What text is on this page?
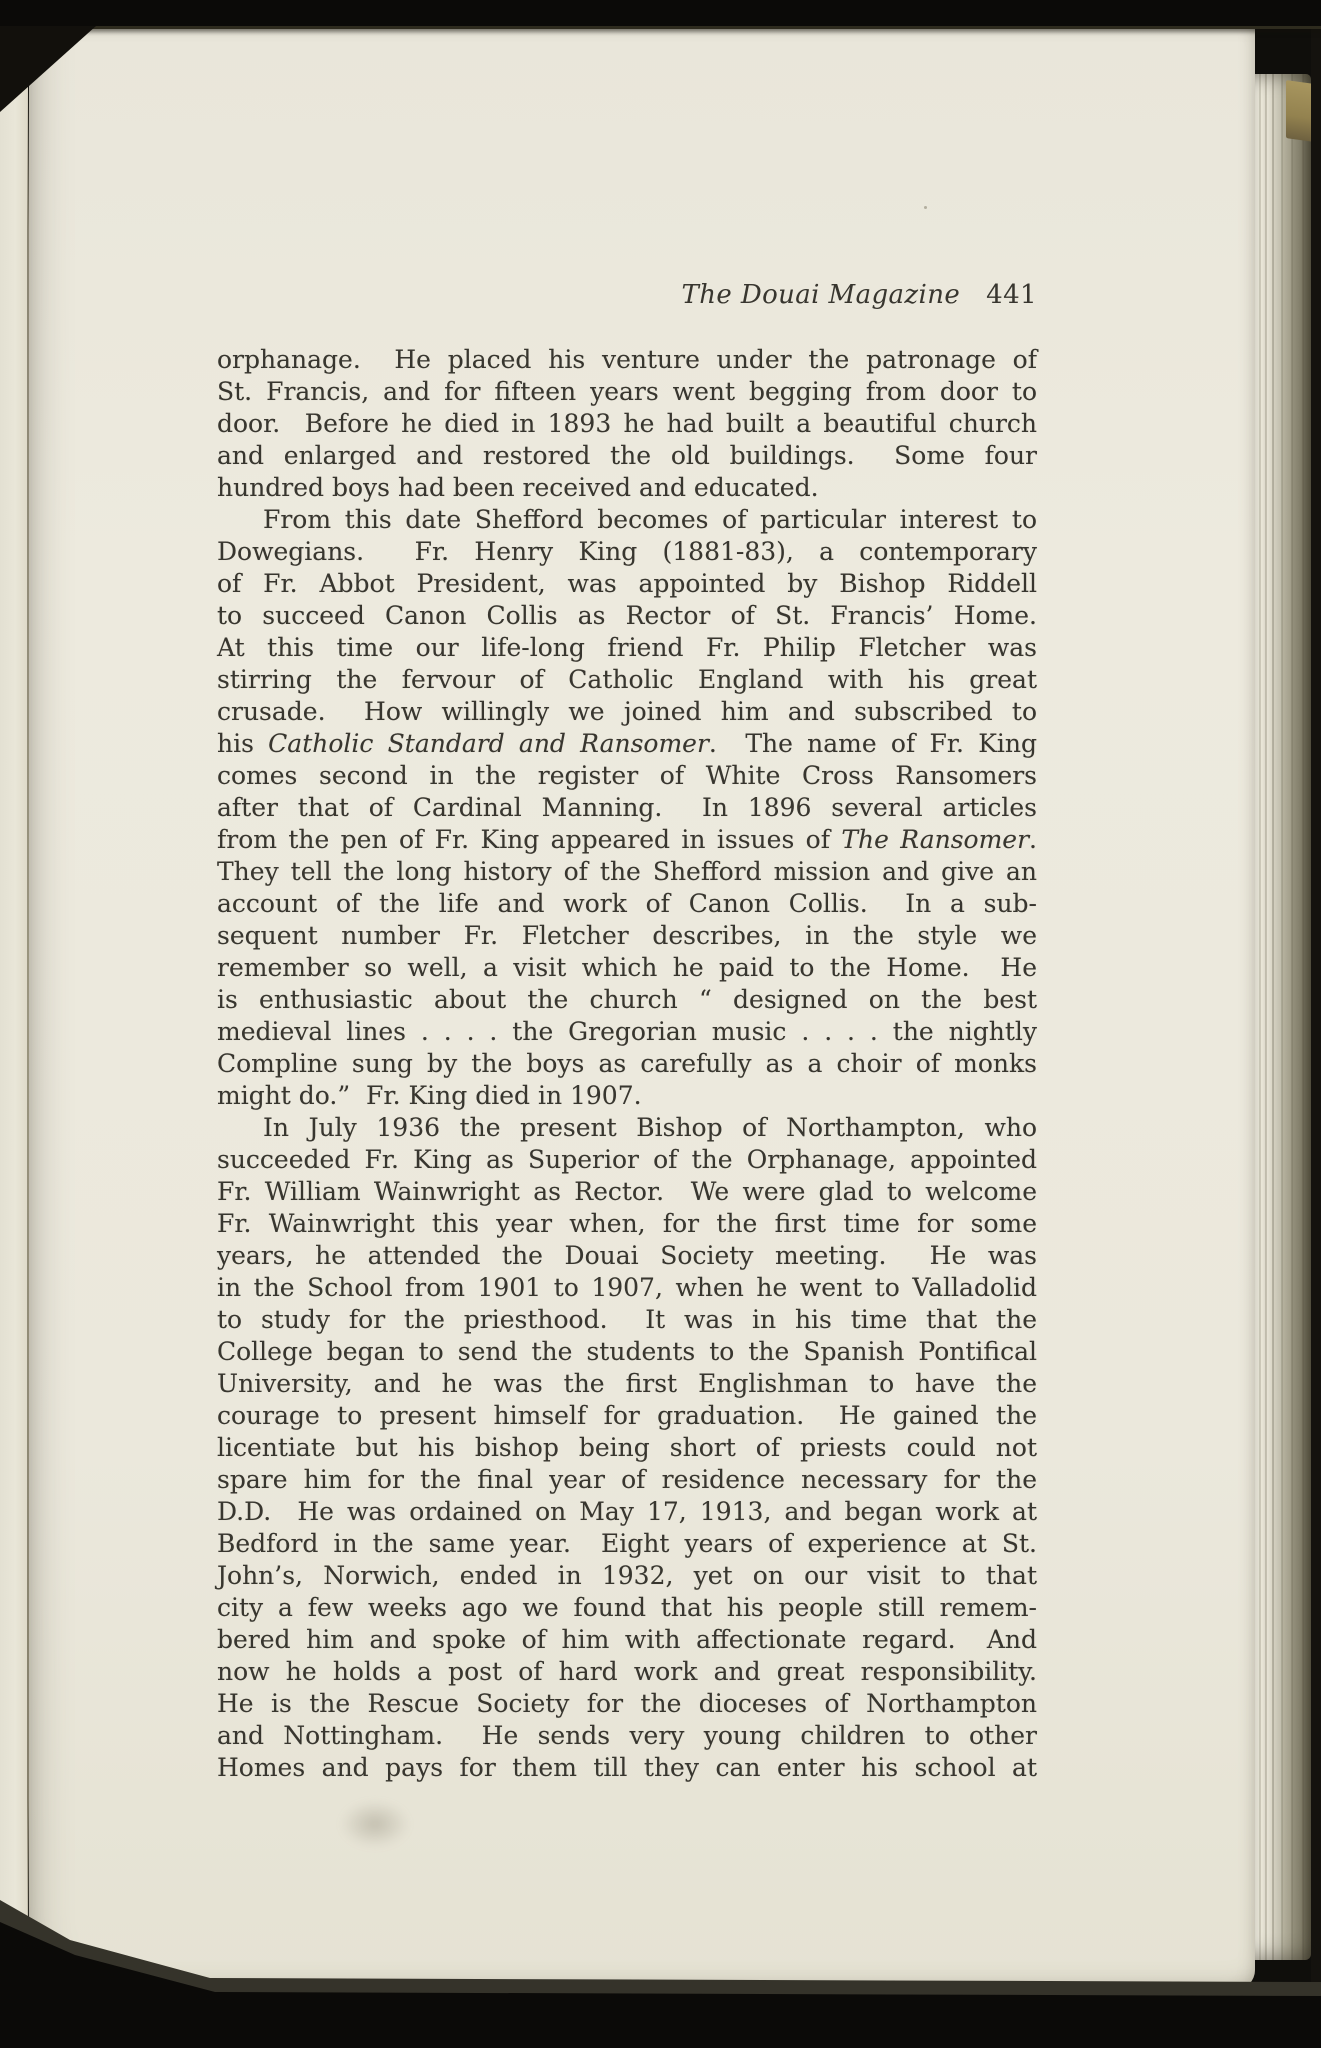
The Douai Magazine 441
orphanage.  He placed his venture under the patronage of
St. Francis, and for fifteen years went begging from door to
door.  Before he died in 1893 he had built a beautiful church
and enlarged and restored the old buildings.  Some four
hundred boys had been received and educated.
From this date Shefford becomes of particular interest to
Dowegians.  Fr. Henry King (1881-83), a contemporary
of Fr. Abbot President, was appointed by Bishop Riddell
to succeed Canon Collis as Rector of St. Francis’ Home.
At this time our life-long friend Fr. Philip Fletcher was
stirring the fervour of Catholic England with his great
crusade.  How willingly we joined him and subscribed to
his Catholic Standard and Ransomer.  The name of Fr. King
comes second in the register of White Cross Ransomers
after that of Cardinal Manning.  In 1896 several articles
from the pen of Fr. King appeared in issues of The Ransomer.
They tell the long history of the Shefford mission and give an
account of the life and work of Canon Collis.  In a sub-
sequent number Fr. Fletcher describes, in the style we
remember so well, a visit which he paid to the Home.  He
is enthusiastic about the church “ designed on the best
medieval lines . . . . the Gregorian music . . . . the nightly
Compline sung by the boys as carefully as a choir of monks
might do.”  Fr. King died in 1907.
In July 1936 the present Bishop of Northampton, who
succeeded Fr. King as Superior of the Orphanage, appointed
Fr. William Wainwright as Rector.  We were glad to welcome
Fr. Wainwright this year when, for the first time for some
years, he attended the Douai Society meeting.  He was
in the School from 1901 to 1907, when he went to Valladolid
to study for the priesthood.  It was in his time that the
College began to send the students to the Spanish Pontifical
University, and he was the first Englishman to have the
courage to present himself for graduation.  He gained the
licentiate but his bishop being short of priests could not
spare him for the final year of residence necessary for the
D.D.  He was ordained on May 17, 1913, and began work at
Bedford in the same year.  Eight years of experience at St.
John’s, Norwich, ended in 1932, yet on our visit to that
city a few weeks ago we found that his people still remem-
bered him and spoke of him with affectionate regard.  And
now he holds a post of hard work and great responsibility.
He is the Rescue Society for the dioceses of Northampton
and Nottingham.  He sends very young children to other
Homes and pays for them till they can enter his school at
